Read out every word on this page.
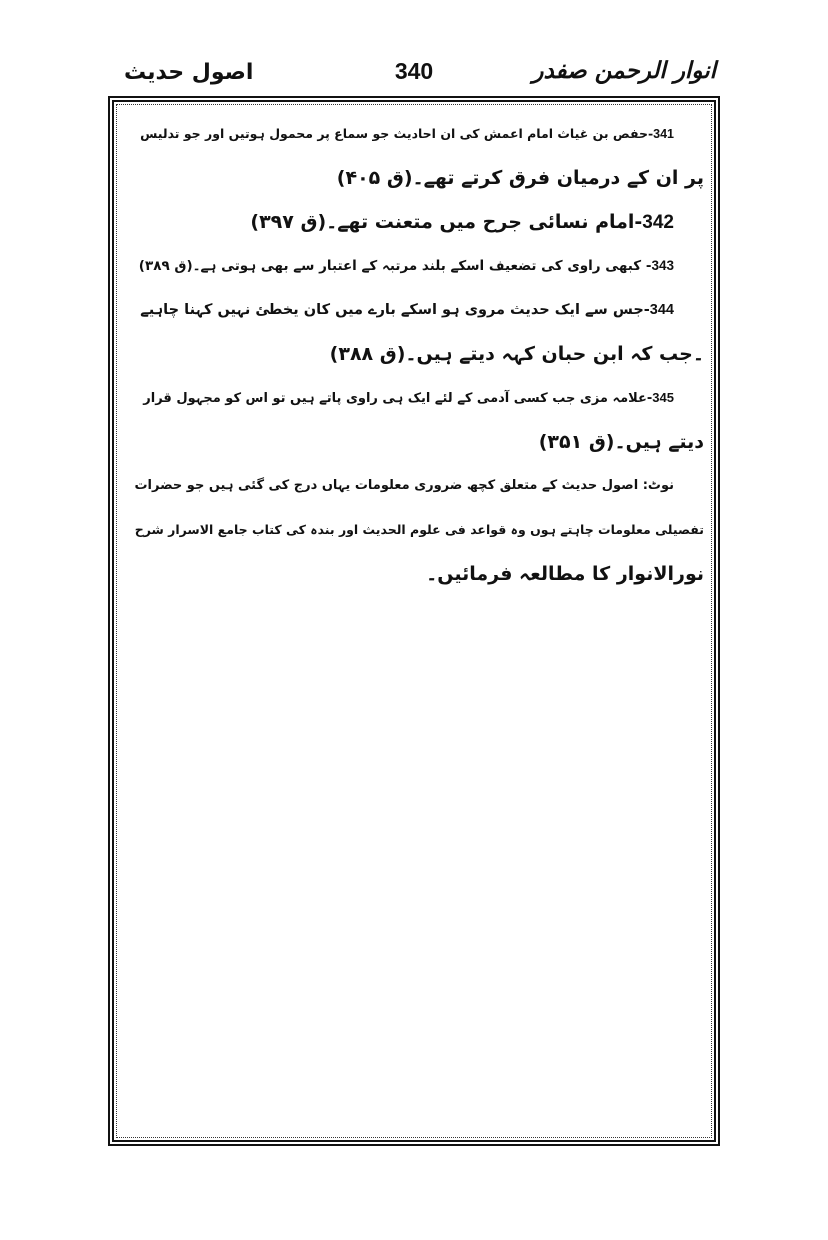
اصول حدیث	340	انوار الرحمن صفدر
341-حفص بن غیاث امام اعمش کی ان احادیث جو سماع پر محمول ہوتیں اور جو تدلیس
پر ان کے درمیان فرق کرتے تھے۔(ق ۴۰۵)
342-امام نسائی جرح میں متعنت تھے۔(ق ۳۹۷)
343- کبھی راوی کی تضعیف اسکے بلند مرتبہ کے اعتبار سے بھی ہوتی ہے۔(ق ۳۸۹)
344-جس سے ایک حدیث مروی ہو اسکے بارے میں کان یخطئ نہیں کہنا چاہیے
۔جب کہ ابن حبان کہہ دیتے ہیں۔(ق ۳۸۸)
345-علامہ مزی جب کسی آدمی کے لئے ایک ہی راوی پاتے ہیں تو اس کو مجہول قرار
دیتے ہیں۔(ق ۳۵۱)
نوٹ: اصول حدیث کے متعلق کچھ ضروری معلومات یہاں درج کی گئی ہیں جو حضرات
تفصیلی معلومات چاہتے ہوں وہ قواعد فی علوم الحدیث اور بندہ کی کتاب جامع الاسرار شرح
نورالانوار کا مطالعہ فرمائیں۔
